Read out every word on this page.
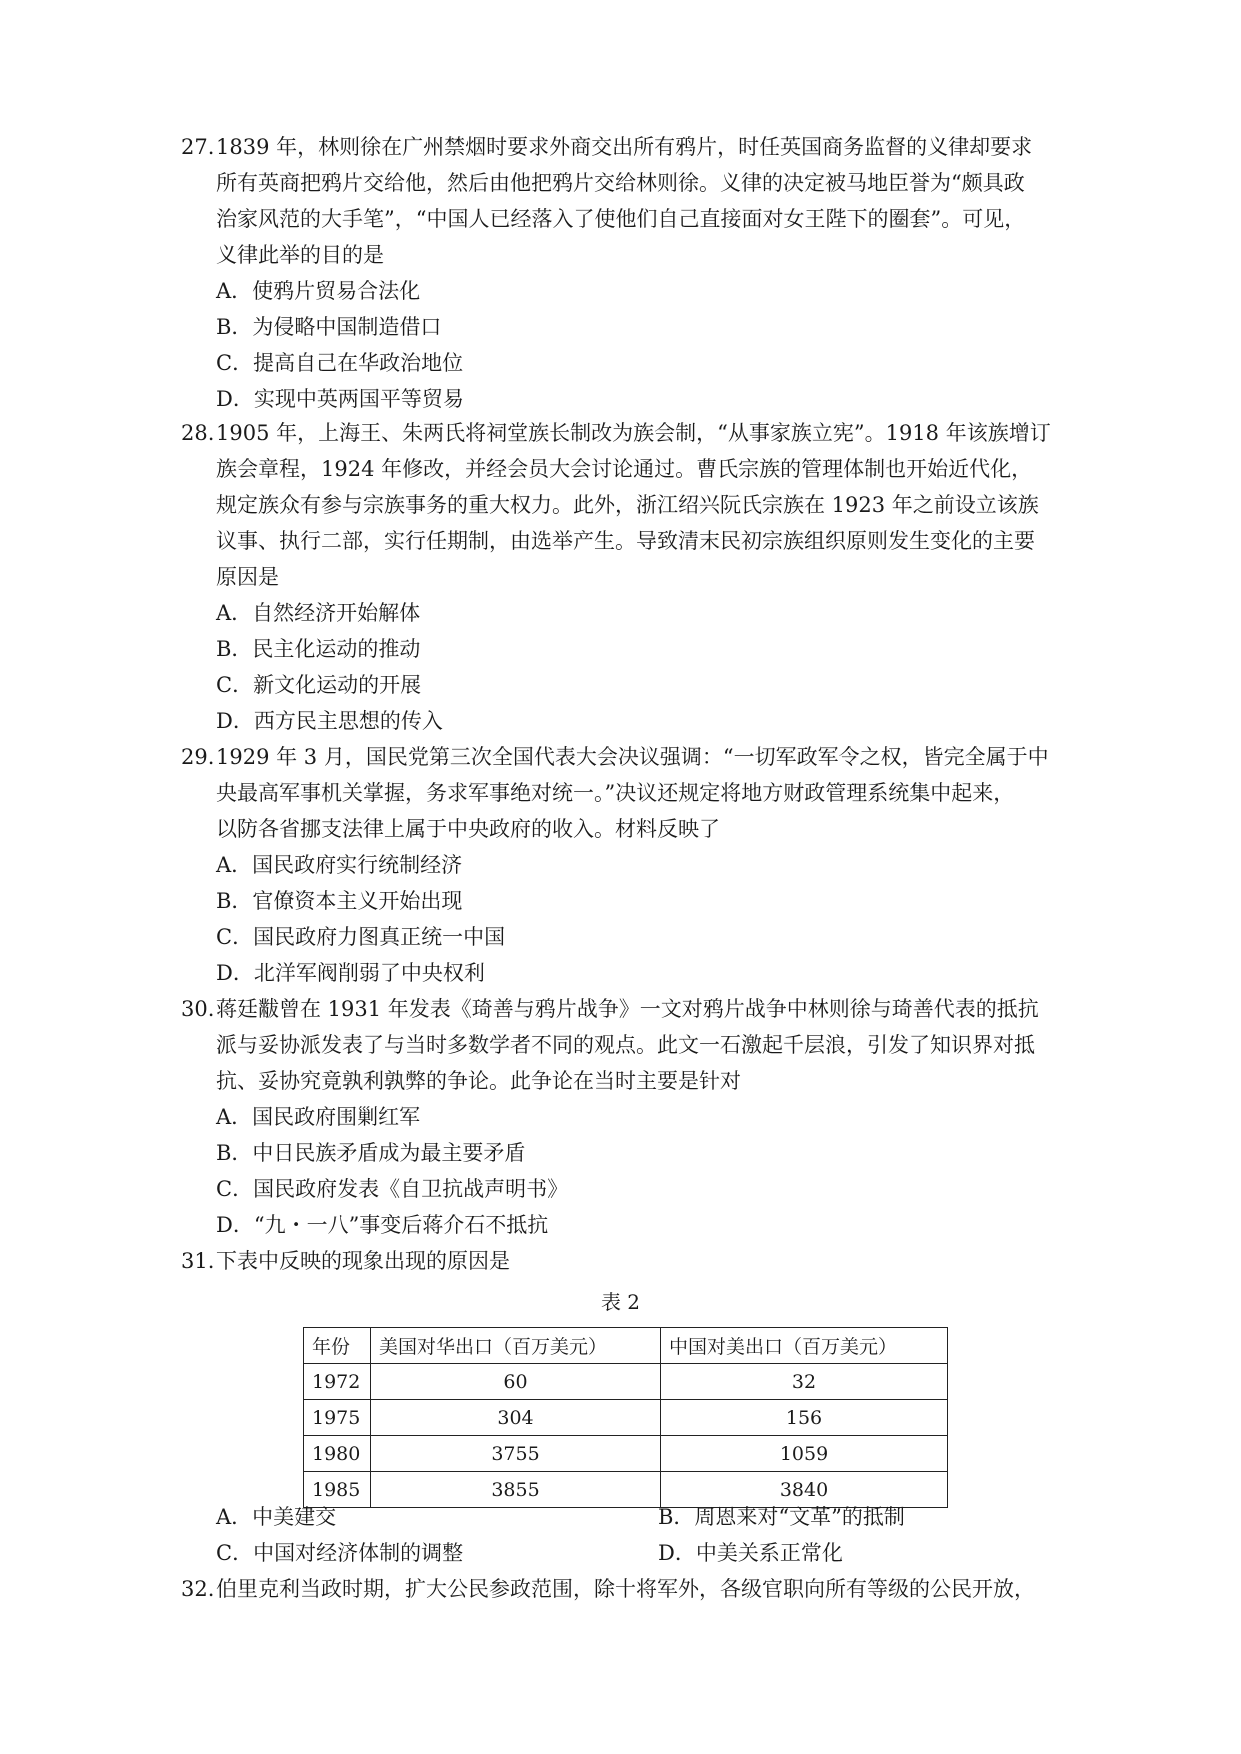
27. 1839 年，林则徐在广州禁烟时要求外商交出所有鸦片，时任英国商务监督的义律却要求
所有英商把鸦片交给他，然后由他把鸦片交给林则徐。义律的决定被马地臣誉为“颇具政
治家风范的大手笔”，“中国人已经落入了使他们自己直接面对女王陛下的圈套”。可见，
义律此举的目的是
A．使鸦片贸易合法化
B．为侵略中国制造借口
C．提高自己在华政治地位
D．实现中英两国平等贸易
28. 1905 年，上海王、朱两氏将祠堂族长制改为族会制，“从事家族立宪”。1918 年该族增订
族会章程，1924 年修改，并经会员大会讨论通过。曹氏宗族的管理体制也开始近代化，
规定族众有参与宗族事务的重大权力。此外，浙江绍兴阮氏宗族在 1923 年之前设立该族
议事、执行二部，实行任期制，由选举产生。导致清末民初宗族组织原则发生变化的主要
原因是
A．自然经济开始解体
B．民主化运动的推动
C．新文化运动的开展
D．西方民主思想的传入
29. 1929 年 3 月，国民党第三次全国代表大会决议强调：“一切军政军令之权，皆完全属于中
央最高军事机关掌握，务求军事绝对统一。”决议还规定将地方财政管理系统集中起来，
以防各省挪支法律上属于中央政府的收入。材料反映了
A．国民政府实行统制经济
B．官僚资本主义开始出现
C．国民政府力图真正统一中国
D．北洋军阀削弱了中央权利
30. 蒋廷黻曾在 1931 年发表《琦善与鸦片战争》一文对鸦片战争中林则徐与琦善代表的抵抗
派与妥协派发表了与当时多数学者不同的观点。此文一石激起千层浪，引发了知识界对抵
抗、妥协究竟孰利孰弊的争论。此争论在当时主要是针对
A．国民政府围剿红军
B．中日民族矛盾成为最主要矛盾
C．国民政府发表《自卫抗战声明书》
D．“九・一八”事变后蒋介石不抵抗
31. 下表中反映的现象出现的原因是
表 2
年份	美国对华出口（百万美元）	中国对美出口（百万美元）
1972	60	32
1975	304	156
1980	3755	1059
1985	3855	3840
A．中美建交	B．周恩来对“文革”的抵制
C．中国对经济体制的调整	D．中美关系正常化
32. 伯里克利当政时期，扩大公民参政范围，除十将军外，各级官职向所有等级的公民开放，
